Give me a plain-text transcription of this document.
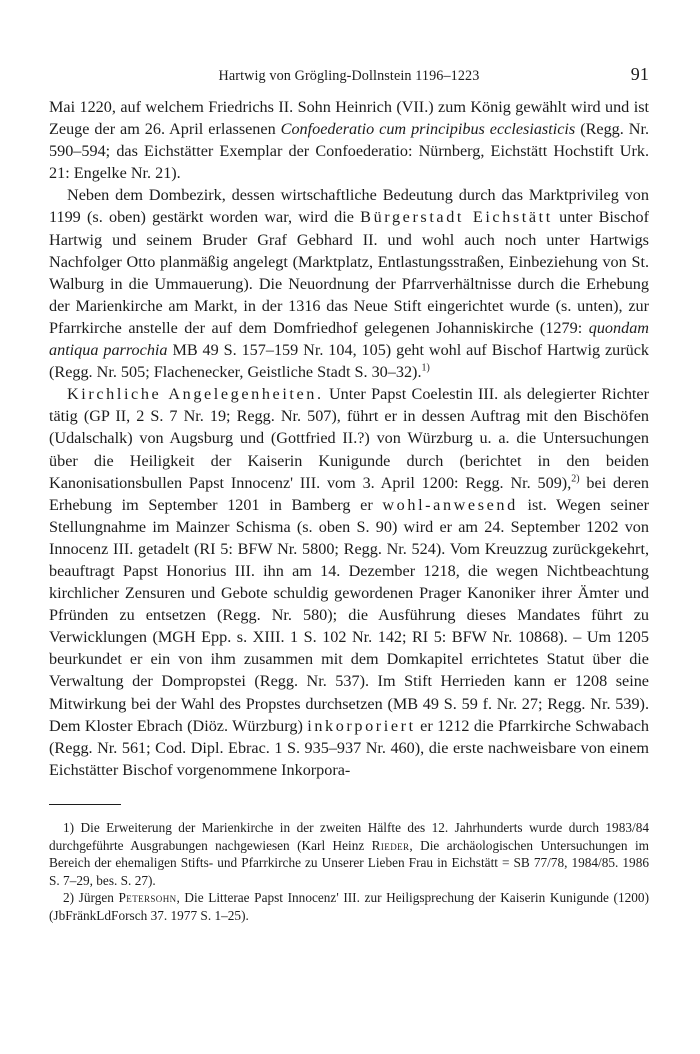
Hartwig von Grögling-Dollnstein 1196–1223	91

Mai 1220, auf welchem Friedrichs II. Sohn Heinrich (VII.) zum König gewählt wird und ist Zeuge der am 26. April erlassenen Confoederatio cum principibus ecclesiasticis (Regg. Nr. 590–594; das Eichstätter Exemplar der Confoederatio: Nürnberg, Eichstätt Hochstift Urk. 21: Engelke Nr. 21).

Neben dem Dombezirk, dessen wirtschaftliche Bedeutung durch das Marktprivileg von 1199 (s. oben) gestärkt worden war, wird die Bürgerstadt Eichstätt unter Bischof Hartwig und seinem Bruder Graf Gebhard II. und wohl auch noch unter Hartwigs Nachfolger Otto planmäßig angelegt (Marktplatz, Entlastungsstraßen, Einbeziehung von St. Walburg in die Ummauerung). Die Neuordnung der Pfarrverhältnisse durch die Erhebung der Marienkirche am Markt, in der 1316 das Neue Stift eingerichtet wurde (s. unten), zur Pfarrkirche anstelle der auf dem Domfriedhof gelegenen Johanniskirche (1279: quondam antiqua parrochia MB 49 S. 157–159 Nr. 104, 105) geht wohl auf Bischof Hartwig zurück (Regg. Nr. 505; Flachenecker, Geistliche Stadt S. 30–32).$^{1)}$

Kirchliche Angelegenheiten. Unter Papst Coelestin III. als delegierter Richter tätig (GP II, 2 S. 7 Nr. 19; Regg. Nr. 507), führt er in dessen Auftrag mit den Bischöfen (Udalschalk) von Augsburg und (Gottfried II.?) von Würzburg u. a. die Untersuchungen über die Heiligkeit der Kaiserin Kunigunde durch (berichtet in den beiden Kanonisationsbullen Papst Innocenz' III. vom 3. April 1200: Regg. Nr. 509),$^{2)}$ bei deren Erhebung im September 1201 in Bamberg er wohl-anwesend ist. Wegen seiner Stellungnahme im Mainzer Schisma (s. oben S. 90) wird er am 24. September 1202 von Innocenz III. getadelt (RI 5: BFW Nr. 5800; Regg. Nr. 524). Vom Kreuzzug zurückgekehrt, beauftragt Papst Honorius III. ihn am 14. Dezember 1218, die wegen Nichtbeachtung kirchlicher Zensuren und Gebote schuldig gewordenen Prager Kanoniker ihrer Ämter und Pfründen zu entsetzen (Regg. Nr. 580); die Ausführung dieses Mandates führt zu Verwicklungen (MGH Epp. s. XIII. 1 S. 102 Nr. 142; RI 5: BFW Nr. 10868). – Um 1205 beurkundet er ein von ihm zusammen mit dem Domkapitel errichtetes Statut über die Verwaltung der Dompropstei (Regg. Nr. 537). Im Stift Herrieden kann er 1208 seine Mitwirkung bei der Wahl des Propstes durchsetzen (MB 49 S. 59 f. Nr. 27; Regg. Nr. 539). Dem Kloster Ebrach (Diöz. Würzburg) inkorporiert er 1212 die Pfarrkirche Schwabach (Regg. Nr. 561; Cod. Dipl. Ebrac. 1 S. 935–937 Nr. 460), die erste nachweisbare von einem Eichstätter Bischof vorgenommene Inkorpora-

1) Die Erweiterung der Marienkirche in der zweiten Hälfte des 12. Jahrhunderts wurde durch 1983/84 durchgeführte Ausgrabungen nachgewiesen (Karl Heinz Rieder, Die archäologischen Untersuchungen im Bereich der ehemaligen Stifts- und Pfarrkirche zu Unserer Lieben Frau in Eichstätt = SB 77/78, 1984/85. 1986 S. 7–29, bes. S. 27).

2) Jürgen Petersohn, Die Litterae Papst Innocenz' III. zur Heiligsprechung der Kaiserin Kunigunde (1200) (JbFränkLdForsch 37. 1977 S. 1–25).
